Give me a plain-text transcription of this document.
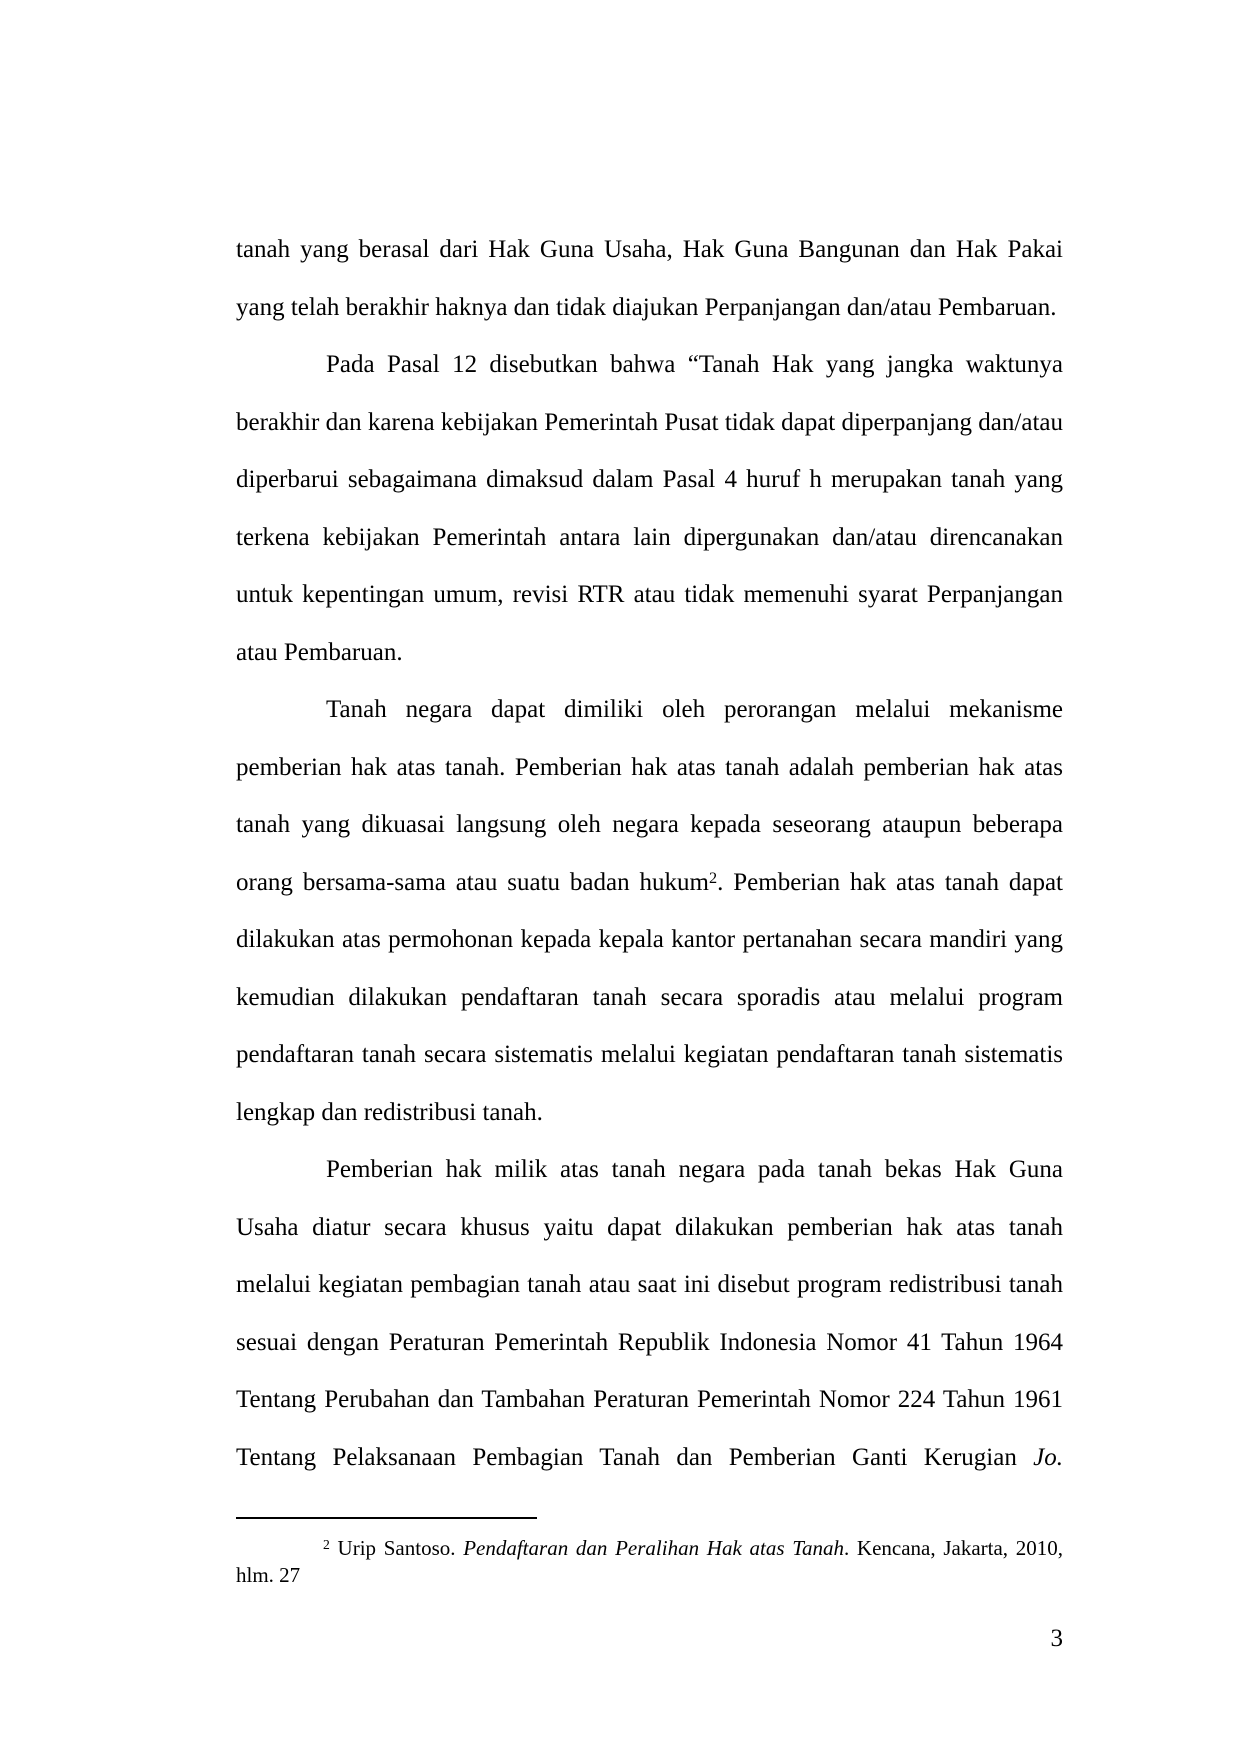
tanah yang berasal dari Hak Guna Usaha, Hak Guna Bangunan dan Hak Pakai
yang telah berakhir haknya dan tidak diajukan Perpanjangan dan/atau Pembaruan.
Pada Pasal 12 disebutkan bahwa “Tanah Hak yang jangka waktunya
berakhir dan karena kebijakan Pemerintah Pusat tidak dapat diperpanjang dan/atau
diperbarui sebagaimana dimaksud dalam Pasal 4 huruf h merupakan tanah yang
terkena kebijakan Pemerintah antara lain dipergunakan dan/atau direncanakan
untuk kepentingan umum, revisi RTR atau tidak memenuhi syarat Perpanjangan
atau Pembaruan.
Tanah negara dapat dimiliki oleh perorangan melalui mekanisme
pemberian hak atas tanah. Pemberian hak atas tanah adalah pemberian hak atas
tanah yang dikuasai langsung oleh negara kepada seseorang ataupun beberapa
orang bersama-sama atau suatu badan hukum$^2$. Pemberian hak atas tanah dapat
dilakukan atas permohonan kepada kepala kantor pertanahan secara mandiri yang
kemudian dilakukan pendaftaran tanah secara sporadis atau melalui program
pendaftaran tanah secara sistematis melalui kegiatan pendaftaran tanah sistematis
lengkap dan redistribusi tanah.
Pemberian hak milik atas tanah negara pada tanah bekas Hak Guna
Usaha diatur secara khusus yaitu dapat dilakukan pemberian hak atas tanah
melalui kegiatan pembagian tanah atau saat ini disebut program redistribusi tanah
sesuai dengan Peraturan Pemerintah Republik Indonesia Nomor 41 Tahun 1964
Tentang Perubahan dan Tambahan Peraturan Pemerintah Nomor 224 Tahun 1961
Tentang Pelaksanaan Pembagian Tanah dan Pemberian Ganti Kerugian Jo.
$^2$ Urip Santoso. Pendaftaran dan Peralihan Hak atas Tanah. Kencana, Jakarta, 2010,
hlm. 27
3
